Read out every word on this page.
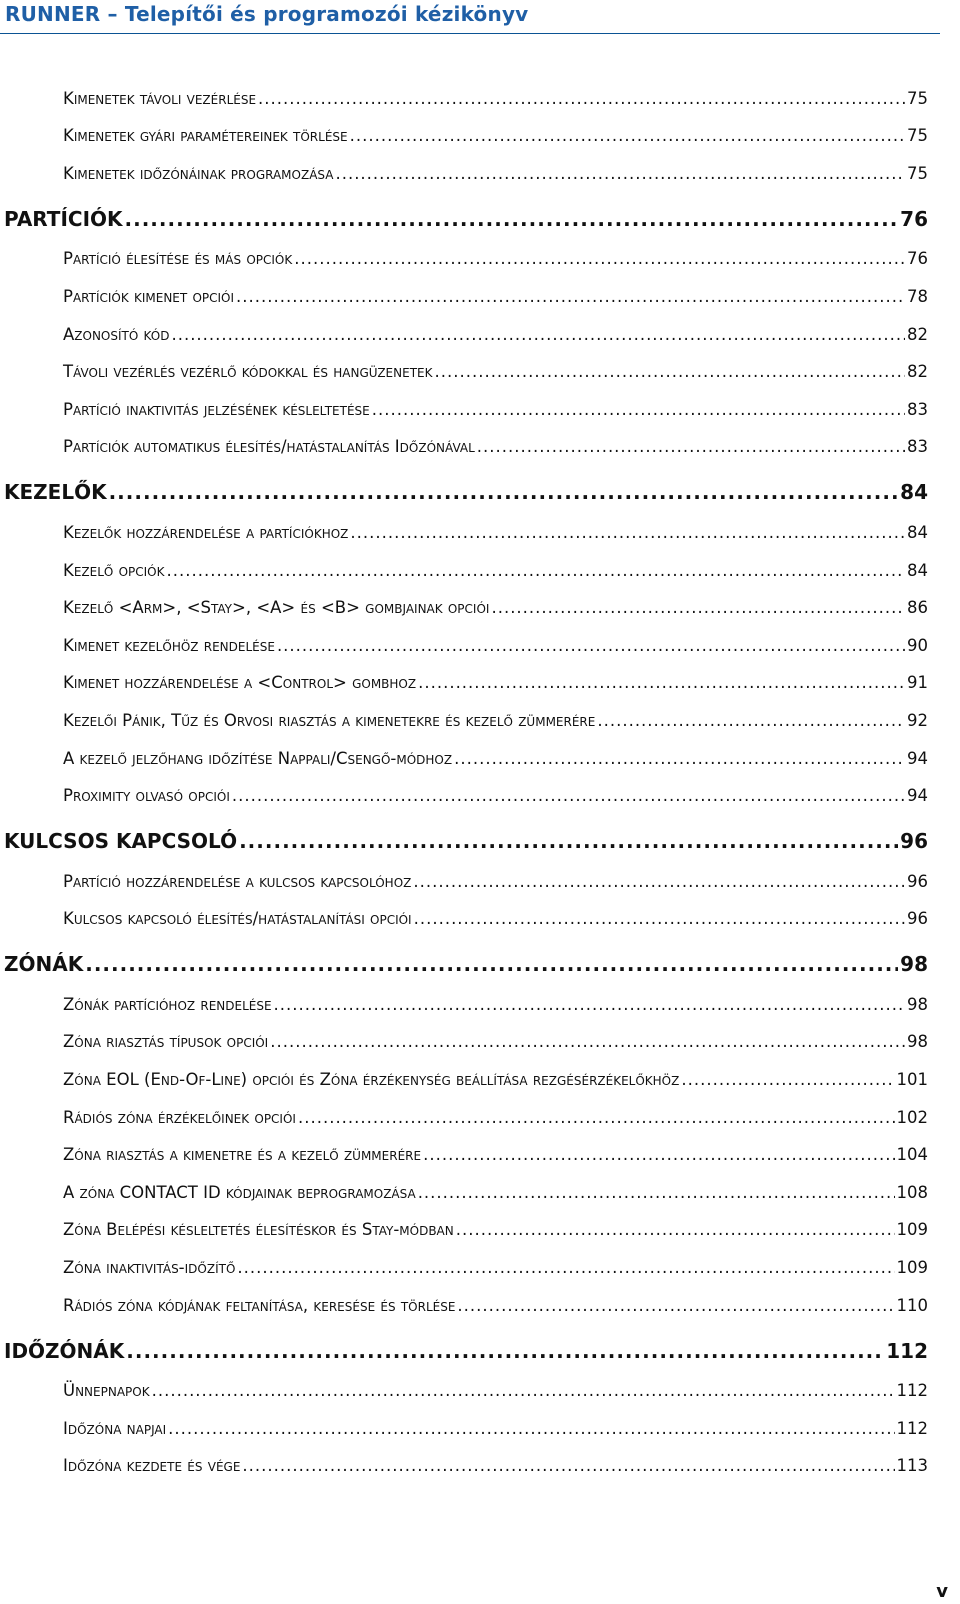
RUNNER – Telepítői és programozói kézikönyv
Kimenetek távoli vezérlése .....	75
Kimenetek gyári paramétereinek törlése .....	75
Kimenetek időzónáinak programozása .....	75
PARTÍCIÓK .....	76
Partíció élesítése és más opciók .....	76
Partíciók kimenet opciói .....	78
Azonosító kód .....	82
Távoli vezérlés vezérlő kódokkal és hangüzenetek .....	82
Partíció inaktivitás jelzésének késleltetése .....	83
Partíciók automatikus élesítés/hatástalanítás Időzónával .....	83
KEZELŐK .....	84
Kezelők hozzárendelése a partíciókhoz .....	84
Kezelő opciók .....	84
Kezelő <Arm>, <Stay>, <A> és <B> gombjainak opciói .....	86
Kimenet kezelőhöz rendelése .....	90
Kimenet hozzárendelése a <Control> gombhoz .....	91
Kezelői Pánik, Tűz és Orvosi riasztás a kimenetekre és kezelő zümmerére .....	92
A kezelő jelzőhang időzítése Nappali/Csengő-módhoz .....	94
Proximity olvasó opciói .....	94
KULCSOS KAPCSOLÓ .....	96
Partíció hozzárendelése a kulcsos kapcsolóhoz .....	96
Kulcsos kapcsoló élesítés/hatástalanítási opciói .....	96
ZÓNÁK .....	98
Zónák partícióhoz rendelése .....	98
Zóna riasztás típusok opciói .....	98
Zóna EOL (End-Of-Line) opciói és Zóna érzékenység beállítása rezgésérzékelőkhöz .....	101
Rádiós zóna érzékelőinek opciói .....	102
Zóna riasztás a kimenetre és a kezelő zümmerére .....	104
A zóna CONTACT ID kódjainak beprogramozása .....	108
Zóna Belépési késleltetés élesítéskor és Stay-módban .....	109
Zóna inaktivitás-időzítő .....	109
Rádiós zóna kódjának feltanítása, keresése és törlése .....	110
IDŐZÓNÁK .....	112
Ünnepnapok .....	112
Időzóna napjai .....	112
Időzóna kezdete és vége .....	113
v
